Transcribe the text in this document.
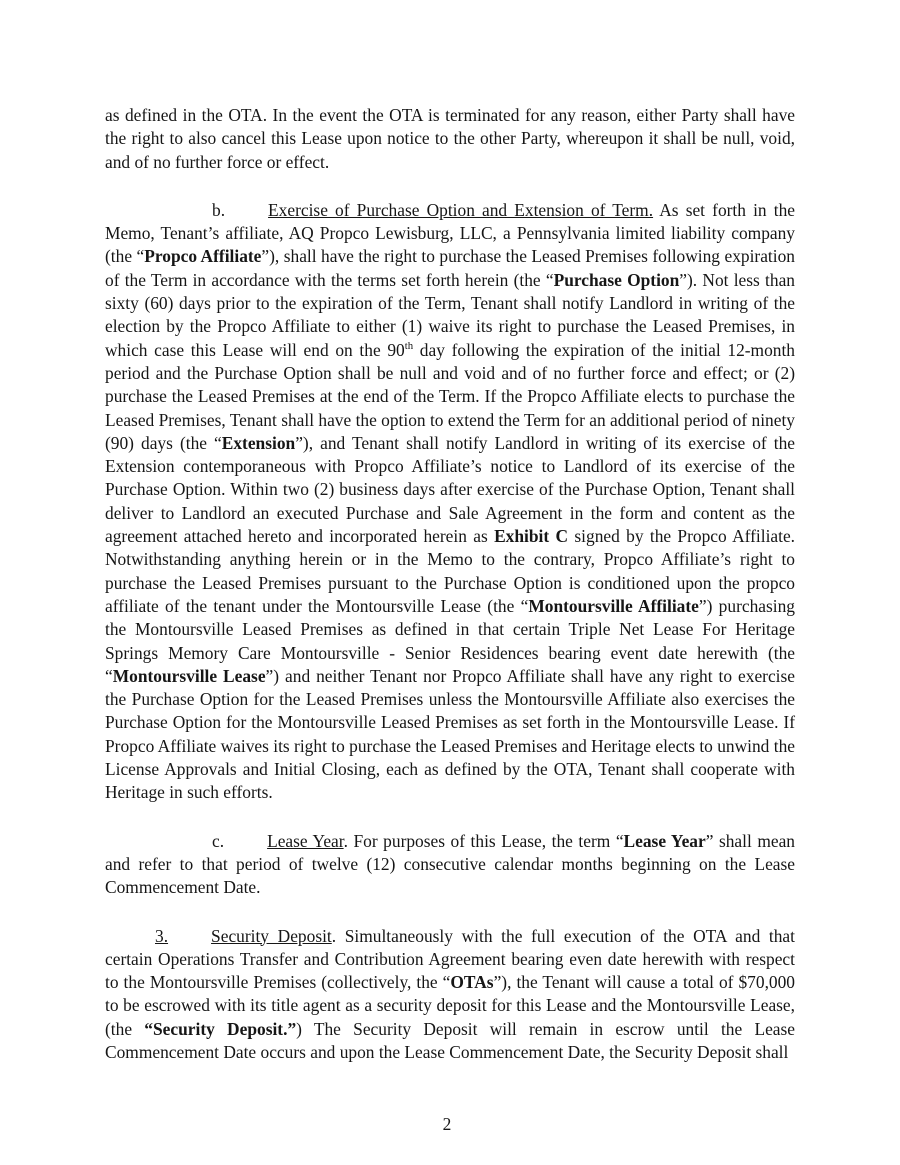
as defined in the OTA. In the event the OTA is terminated for any reason, either Party shall have the right to also cancel this Lease upon notice to the other Party, whereupon it shall be null, void, and of no further force or effect.

b. Exercise of Purchase Option and Extension of Term. As set forth in the Memo, Tenant’s affiliate, AQ Propco Lewisburg, LLC, a Pennsylvania limited liability company (the “Propco Affiliate”), shall have the right to purchase the Leased Premises following expiration of the Term in accordance with the terms set forth herein (the “Purchase Option”). Not less than sixty (60) days prior to the expiration of the Term, Tenant shall notify Landlord in writing of the election by the Propco Affiliate to either (1) waive its right to purchase the Leased Premises, in which case this Lease will end on the 90th day following the expiration of the initial 12-month period and the Purchase Option shall be null and void and of no further force and effect; or (2) purchase the Leased Premises at the end of the Term. If the Propco Affiliate elects to purchase the Leased Premises, Tenant shall have the option to extend the Term for an additional period of ninety (90) days (the “Extension”), and Tenant shall notify Landlord in writing of its exercise of the Extension contemporaneous with Propco Affiliate’s notice to Landlord of its exercise of the Purchase Option. Within two (2) business days after exercise of the Purchase Option, Tenant shall deliver to Landlord an executed Purchase and Sale Agreement in the form and content as the agreement attached hereto and incorporated herein as Exhibit C signed by the Propco Affiliate. Notwithstanding anything herein or in the Memo to the contrary, Propco Affiliate’s right to purchase the Leased Premises pursuant to the Purchase Option is conditioned upon the propco affiliate of the tenant under the Montoursville Lease (the “Montoursville Affiliate”) purchasing the Montoursville Leased Premises as defined in that certain Triple Net Lease For Heritage Springs Memory Care Montoursville - Senior Residences bearing event date herewith (the “Montoursville Lease”) and neither Tenant nor Propco Affiliate shall have any right to exercise the Purchase Option for the Leased Premises unless the Montoursville Affiliate also exercises the Purchase Option for the Montoursville Leased Premises as set forth in the Montoursville Lease. If Propco Affiliate waives its right to purchase the Leased Premises and Heritage elects to unwind the License Approvals and Initial Closing, each as defined by the OTA, Tenant shall cooperate with Heritage in such efforts.

c. Lease Year. For purposes of this Lease, the term “Lease Year” shall mean and refer to that period of twelve (12) consecutive calendar months beginning on the Lease Commencement Date.

3. Security Deposit. Simultaneously with the full execution of the OTA and that certain Operations Transfer and Contribution Agreement bearing even date herewith with respect to the Montoursville Premises (collectively, the “OTAs”), the Tenant will cause a total of $70,000 to be escrowed with its title agent as a security deposit for this Lease and the Montoursville Lease, (the “Security Deposit.”) The Security Deposit will remain in escrow until the Lease Commencement Date occurs and upon the Lease Commencement Date, the Security Deposit shall

2
